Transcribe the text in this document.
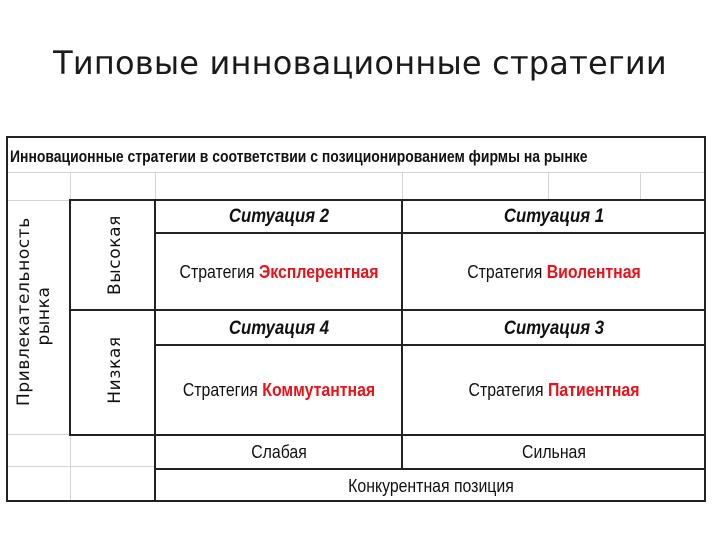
Типовые инновационные стратегии
Инновационные стратегии в соответствии с позиционированием фирмы на рынке
Привлекательность рынка
Высокая
Низкая
Ситуация 2
Стратегия Эксплерентная
Ситуация 1
Стратегия Виолентная
Ситуация 4
Стратегия Коммутантная
Ситуация 3
Стратегия Патиентная
Слабая	Сильная
Конкурентная позиция
